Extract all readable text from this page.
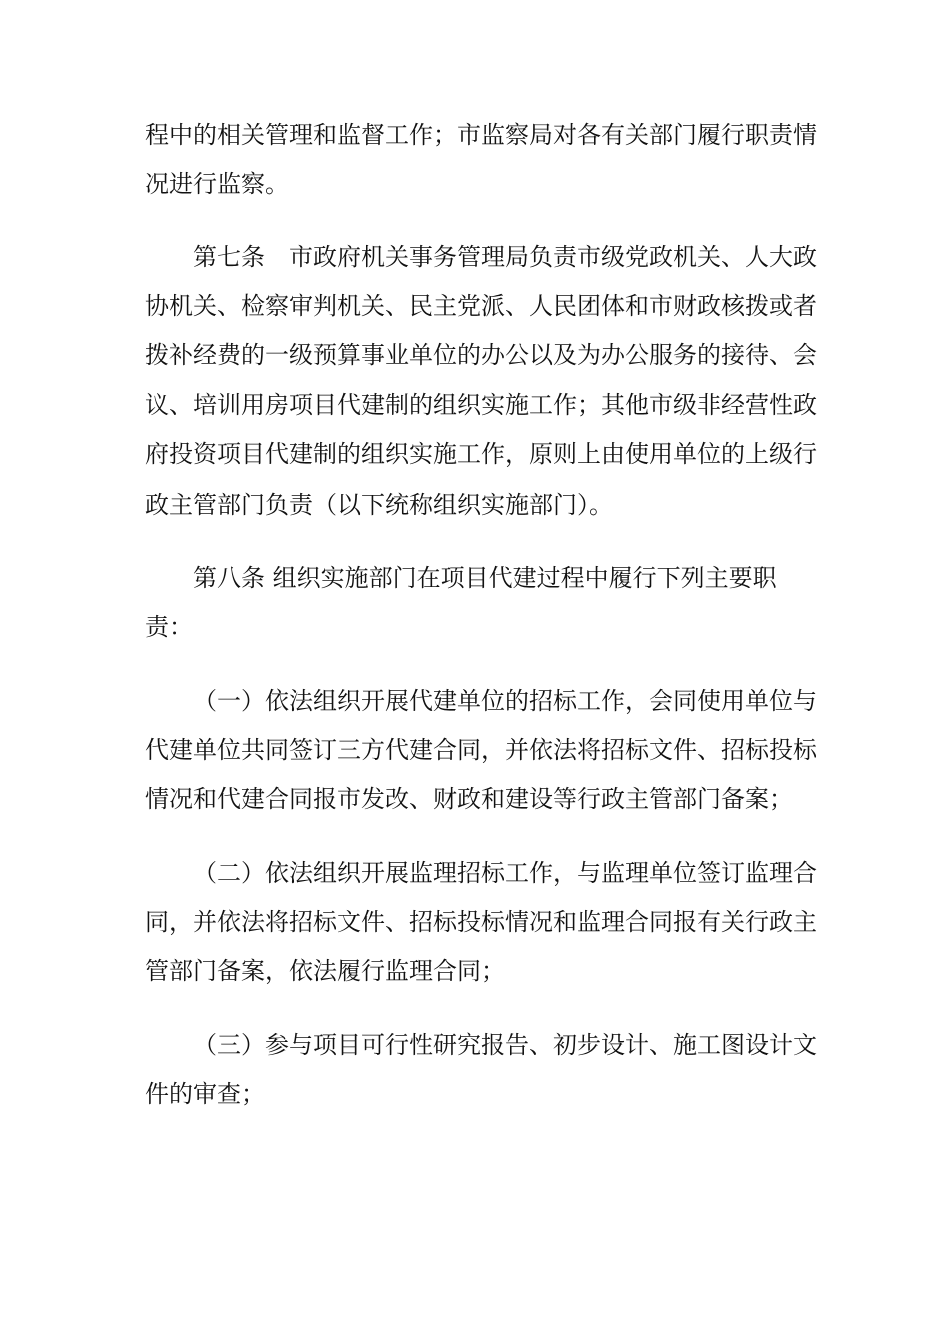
程中的相关管理和监督工作；市监察局对各有关部门履行职责情
况进行监察。
第七条　市政府机关事务管理局负责市级党政机关、人大政
协机关、检察审判机关、民主党派、人民团体和市财政核拨或者
拨补经费的一级预算事业单位的办公以及为办公服务的接待、会
议、培训用房项目代建制的组织实施工作；其他市级非经营性政
府投资项目代建制的组织实施工作，原则上由使用单位的上级行
政主管部门负责（以下统称组织实施部门）。
第八条 组织实施部门在项目代建过程中履行下列主要职
责：
（一）依法组织开展代建单位的招标工作，会同使用单位与
代建单位共同签订三方代建合同，并依法将招标文件、招标投标
情况和代建合同报市发改、财政和建设等行政主管部门备案；
（二）依法组织开展监理招标工作，与监理单位签订监理合
同，并依法将招标文件、招标投标情况和监理合同报有关行政主
管部门备案，依法履行监理合同；
（三）参与项目可行性研究报告、初步设计、施工图设计文
件的审查；
